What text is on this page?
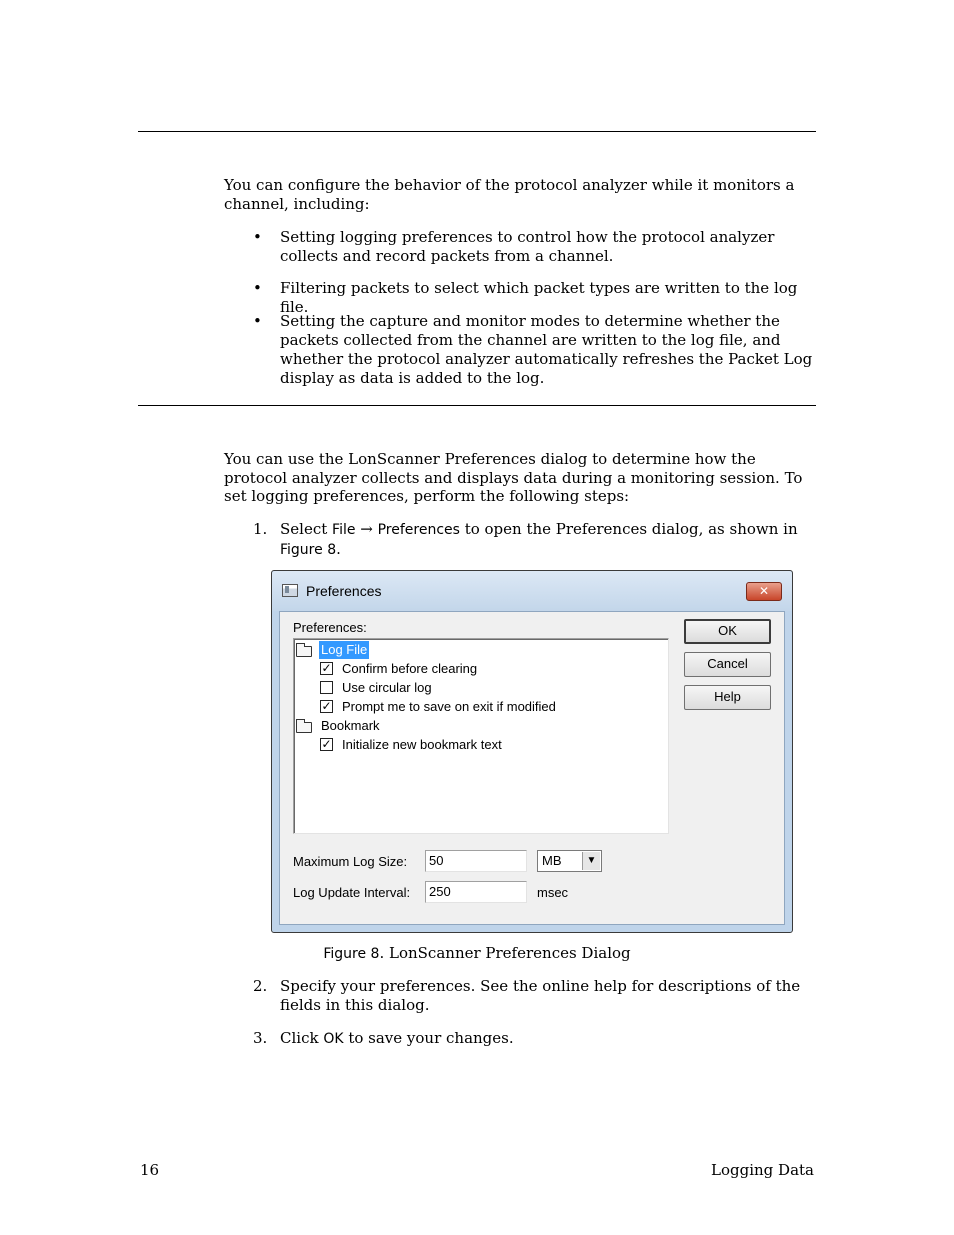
You can configure the behavior of the protocol analyzer while it monitors a channel, including:

• Setting logging preferences to control how the protocol analyzer collects and record packets from a channel.
• Filtering packets to select which packet types are written to the log file.
• Setting the capture and monitor modes to determine whether the packets collected from the channel are written to the log file, and whether the protocol analyzer automatically refreshes the Packet Log display as data is added to the log.

You can use the LonScanner Preferences dialog to determine how the protocol analyzer collects and displays data during a monitoring session. To set logging preferences, perform the following steps:

1. Select File → Preferences to open the Preferences dialog, as shown in Figure 8.
Preferences	✕
Preferences:
Log File
✓ Confirm before clearing
Use circular log
✓ Prompt me to save on exit if modified
Bookmark
✓ Initialize new bookmark text
OK
Cancel
Help
Maximum Log Size:	50	MB	▼
Log Update Interval:	250	msec
Figure 8. LonScanner Preferences Dialog
2. Specify your preferences. See the online help for descriptions of the fields in this dialog.
3. Click OK to save your changes.
16	Logging Data
